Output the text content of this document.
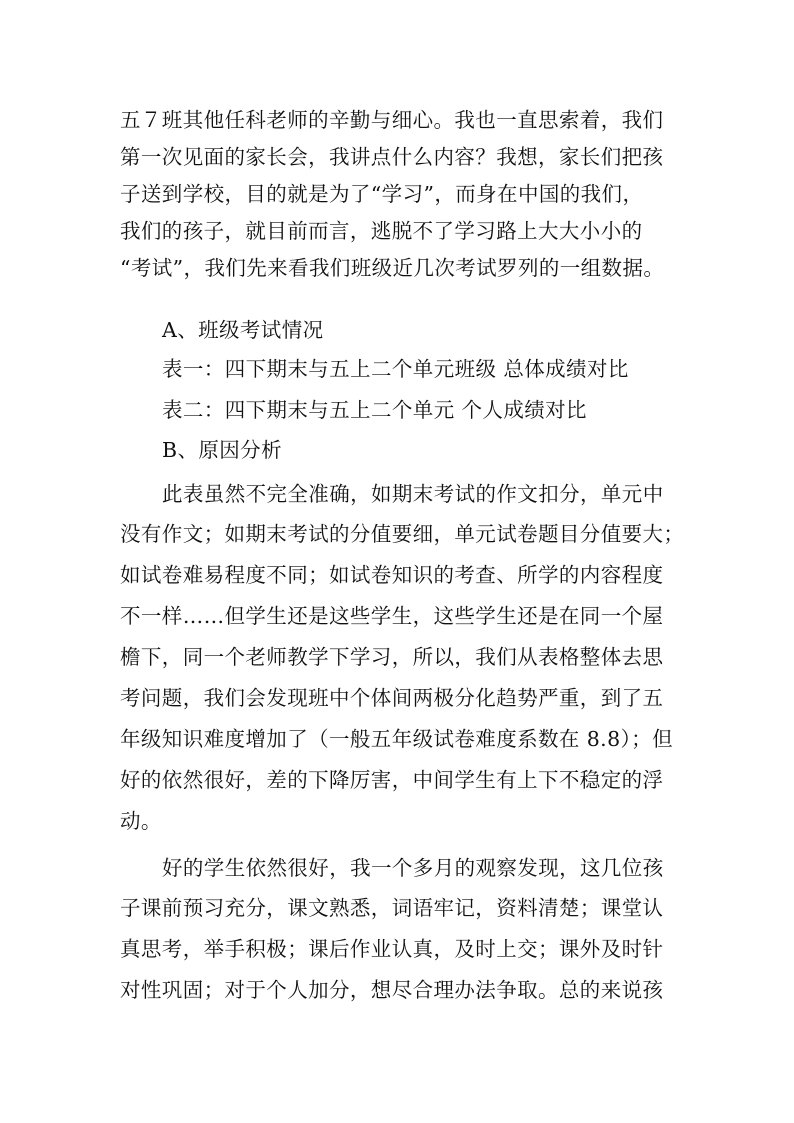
五７班其他任科老师的辛勤与细心。我也一直思索着，我们
第一次见面的家长会，我讲点什么内容？我想，家长们把孩
子送到学校，目的就是为了“学习”，而身在中国的我们，
我们的孩子，就目前而言，逃脱不了学习路上大大小小的
“考试”，我们先来看我们班级近几次考试罗列的一组数据。
A、班级考试情况
表一：四下期末与五上二个单元班级 总体成绩对比
表二：四下期末与五上二个单元 个人成绩对比
B、原因分析
此表虽然不完全准确，如期末考试的作文扣分，单元中
没有作文；如期末考试的分值要细，单元试卷题目分值要大；
如试卷难易程度不同；如试卷知识的考查、所学的内容程度
不一样……但学生还是这些学生，这些学生还是在同一个屋
檐下，同一个老师教学下学习，所以，我们从表格整体去思
考问题，我们会发现班中个体间两极分化趋势严重，到了五
年级知识难度增加了（一般五年级试卷难度系数在 8.8）；但
好的依然很好，差的下降厉害，中间学生有上下不稳定的浮
动。
好的学生依然很好，我一个多月的观察发现，这几位孩
子课前预习充分，课文熟悉，词语牢记，资料清楚；课堂认
真思考，举手积极；课后作业认真，及时上交；课外及时针
对性巩固；对于个人加分，想尽合理办法争取。总的来说孩
